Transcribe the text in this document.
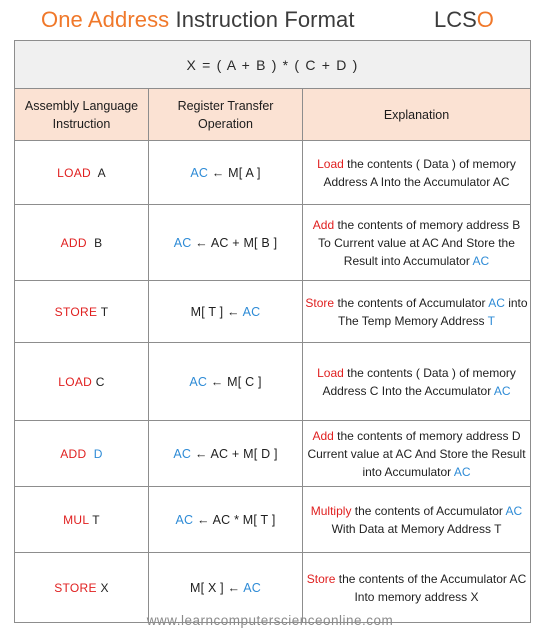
One Address Instruction Format	LCSO
X = ( A + B ) * ( C + D )		
Assembly Language Instruction	Register Transfer Operation	Explanation
LOAD A	AC ← M[ A ]	Load the contents ( Data ) of memory Address A Into the Accumulator AC
ADD B	AC ← AC + M[ B ]	Add the contents of memory address B To Current value at AC And Store the Result into Accumulator AC
STORE T	M[ T ] ← AC	Store the contents of Accumulator AC into The Temp Memory Address T
LOAD C	AC ← M[ C ]	Load the contents ( Data ) of memory Address C Into the Accumulator AC
ADD D	AC ← AC + M[ D ]	Add the contents of memory address D Current value at AC And Store the Result into Accumulator AC
MUL T	AC ← AC * M[ T ]	Multiply the contents of Accumulator AC With Data at Memory Address T
STORE X	M[ X ] ← AC	Store the contents of the Accumulator AC Into memory address X
www.learncomputerscienceonline.com
